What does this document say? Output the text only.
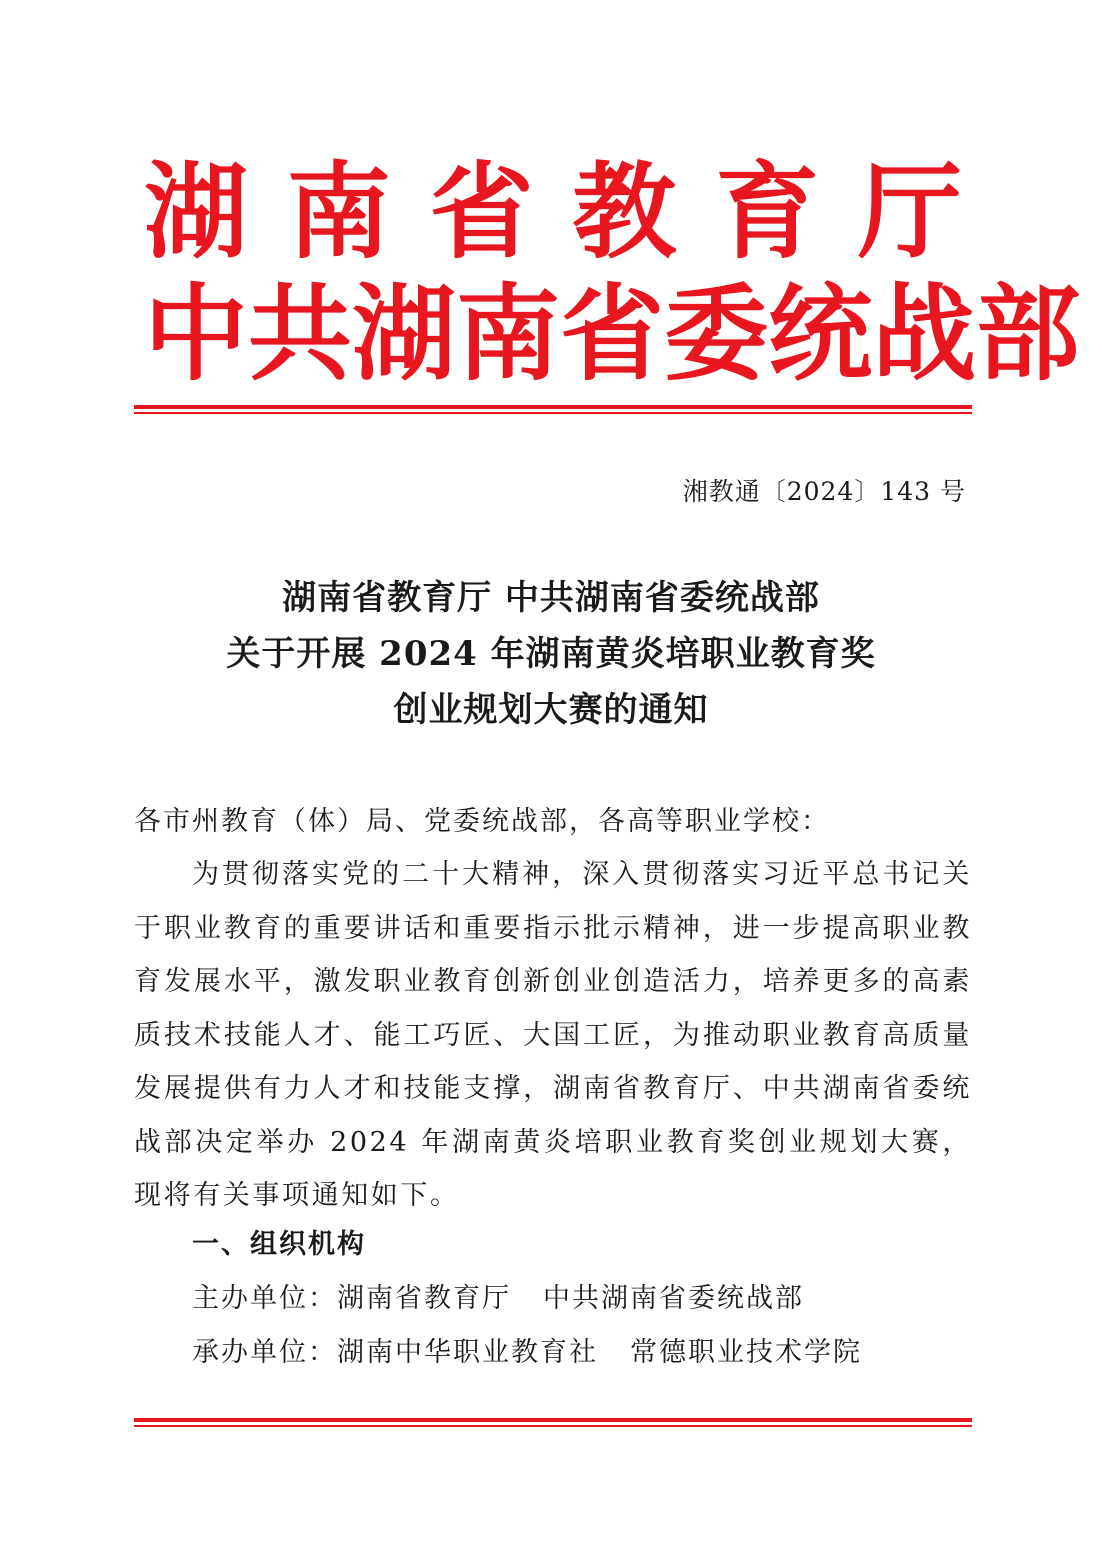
湖 南 省 教 育 厅
中 共 湖 南 省 委 统 战 部
湘教通〔2024〕143 号
湖南省教育厅 中共湖南省委统战部
关于开展 2024 年湖南黄炎培职业教育奖
创业规划大赛的通知
各市州教育（体）局、党委统战部，各高等职业学校：
为贯彻落实党的二十大精神，深入贯彻落实习近平总书记关于职业教育的重要讲话和重要指示批示精神，进一步提高职业教育发展水平，激发职业教育创新创业创造活力，培养更多的高素质技术技能人才、能工巧匠、大国工匠，为推动职业教育高质量发展提供有力人才和技能支撑，湖南省教育厅、中共湖南省委统战部决定举办 2024 年湖南黄炎培职业教育奖创业规划大赛，现将有关事项通知如下。
一、组织机构
主办单位：湖南省教育厅 中共湖南省委统战部
承办单位：湖南中华职业教育社 常德职业技术学院
